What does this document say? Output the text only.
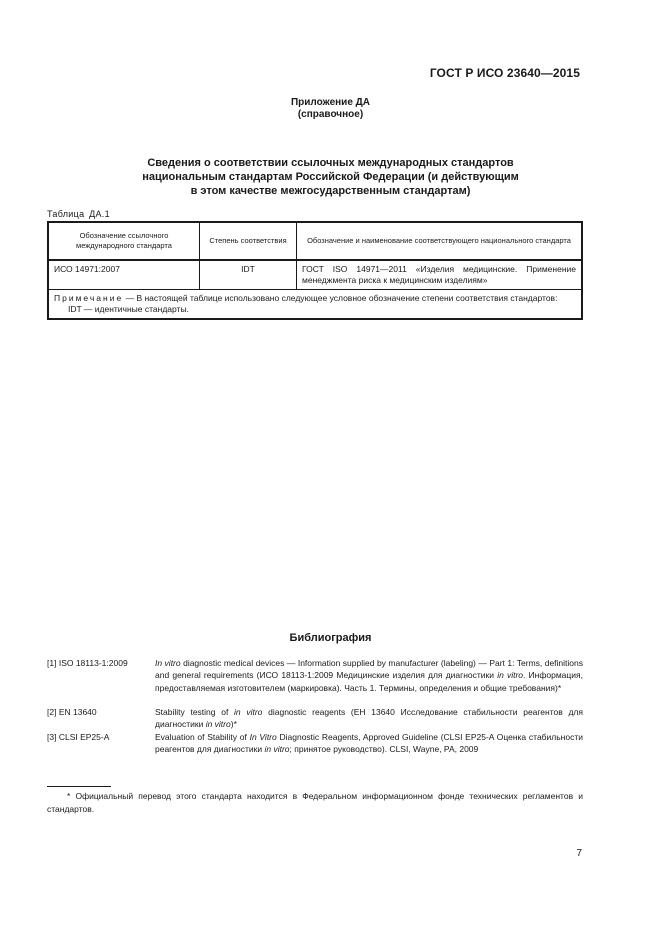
ГОСТ Р ИСО 23640—2015
Приложение ДА
(справочное)
Сведения о соответствии ссылочных международных стандартов
национальным стандартам Российской Федерации (и действующим
в этом качестве межгосударственным стандартам)
Таблица ДА.1
Обозначение ссылочного международного стандарта	Степень соответствия	Обозначение и наименование соответствующего национального стандарта
ИСО 14971:2007	IDT	ГОСТ ISO 14971—2011 «Изделия медицинские. Применение менеджмента риска к медицинским изделиям»
Примечание — В настоящей таблице использовано следующее условное обозначение степени соответствия стандартов:
IDT — идентичные стандарты.		
Библиография
[1] ISO 18113-1:2009	In vitro diagnostic medical devices — Information supplied by manufacturer (labeling) — Part 1: Terms, definitions and general requirements (ИСО 18113-1:2009 Медицинские изделия для диагностики in vitro. Информация, предоставляемая изготовителем (маркировка). Часть 1. Термины, определения и общие требования)*
[2] EN 13640	Stability testing of in vitro diagnostic reagents (ЕН 13640 Исследование стабильности реагентов для диагностики in vitro)*
[3] CLSI EP25-A	Evaluation of Stability of In Vitro Diagnostic Reagents, Approved Guideline (CLSI EP25-A Оценка стабильности реагентов для диагностики in vitro; принятое руководство). CLSI, Wayne, PA, 2009
* Официальный перевод этого стандарта находится в Федеральном информационном фонде технических регламентов и стандартов.
7
